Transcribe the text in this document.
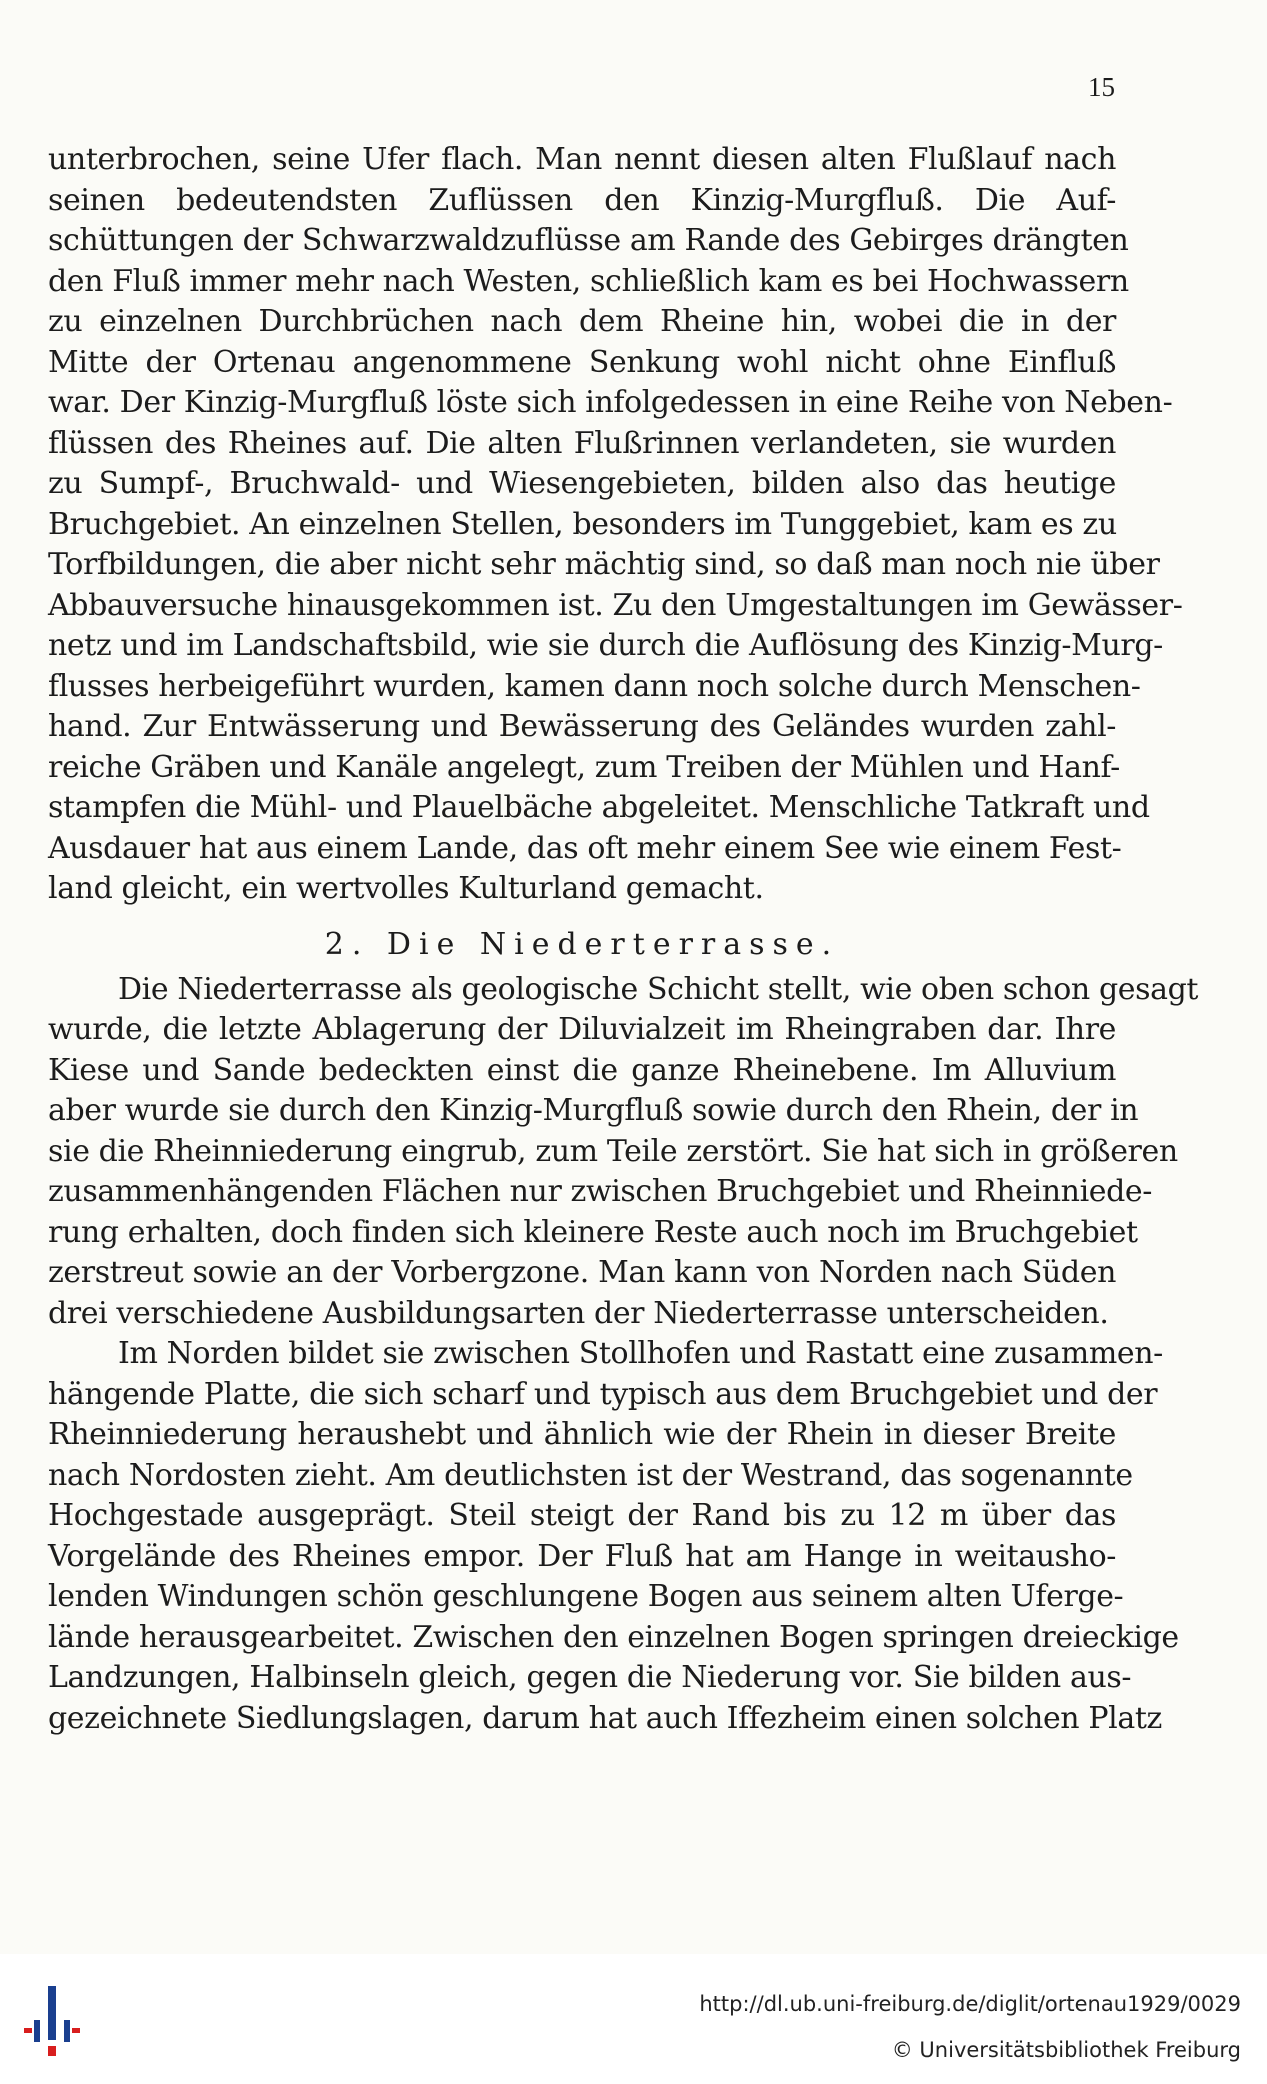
15
unterbrochen, seine Ufer flach. Man nennt diesen alten Flußlauf nach
seinen bedeutendsten Zuflüssen den Kinzig-Murgfluß. Die Auf-
schüttungen der Schwarzwaldzuflüsse am Rande des Gebirges drängten
den Fluß immer mehr nach Westen, schließlich kam es bei Hochwassern
zu einzelnen Durchbrüchen nach dem Rheine hin, wobei die in der
Mitte der Ortenau angenommene Senkung wohl nicht ohne Einfluß
war. Der Kinzig-Murgfluß löste sich infolgedessen in eine Reihe von Neben-
flüssen des Rheines auf. Die alten Flußrinnen verlandeten, sie wurden
zu Sumpf-, Bruchwald- und Wiesengebieten, bilden also das heutige
Bruchgebiet. An einzelnen Stellen, besonders im Tunggebiet, kam es zu
Torfbildungen, die aber nicht sehr mächtig sind, so daß man noch nie über
Abbauversuche hinausgekommen ist. Zu den Umgestaltungen im Gewässer-
netz und im Landschaftsbild, wie sie durch die Auflösung des Kinzig-Murg-
flusses herbeigeführt wurden, kamen dann noch solche durch Menschen-
hand. Zur Entwässerung und Bewässerung des Geländes wurden zahl-
reiche Gräben und Kanäle angelegt, zum Treiben der Mühlen und Hanf-
stampfen die Mühl- und Plauelbäche abgeleitet. Menschliche Tatkraft und
Ausdauer hat aus einem Lande, das oft mehr einem See wie einem Fest-
land gleicht, ein wertvolles Kulturland gemacht.
2. Die Niederterrasse.
Die Niederterrasse als geologische Schicht stellt, wie oben schon gesagt
wurde, die letzte Ablagerung der Diluvialzeit im Rheingraben dar. Ihre
Kiese und Sande bedeckten einst die ganze Rheinebene. Im Alluvium
aber wurde sie durch den Kinzig-Murgfluß sowie durch den Rhein, der in
sie die Rheinniederung eingrub, zum Teile zerstört. Sie hat sich in größeren
zusammenhängenden Flächen nur zwischen Bruchgebiet und Rheinniede-
rung erhalten, doch finden sich kleinere Reste auch noch im Bruchgebiet
zerstreut sowie an der Vorbergzone. Man kann von Norden nach Süden
drei verschiedene Ausbildungsarten der Niederterrasse unterscheiden.
Im Norden bildet sie zwischen Stollhofen und Rastatt eine zusammen-
hängende Platte, die sich scharf und typisch aus dem Bruchgebiet und der
Rheinniederung heraushebt und ähnlich wie der Rhein in dieser Breite
nach Nordosten zieht. Am deutlichsten ist der Westrand, das sogenannte
Hochgestade ausgeprägt. Steil steigt der Rand bis zu 12 m über das
Vorgelände des Rheines empor. Der Fluß hat am Hange in weitausho-
lenden Windungen schön geschlungene Bogen aus seinem alten Uferge-
lände herausgearbeitet. Zwischen den einzelnen Bogen springen dreieckige
Landzungen, Halbinseln gleich, gegen die Niederung vor. Sie bilden aus-
gezeichnete Siedlungslagen, darum hat auch Iffezheim einen solchen Platz
http://dl.ub.uni-freiburg.de/diglit/ortenau1929/0029
© Universitätsbibliothek Freiburg
